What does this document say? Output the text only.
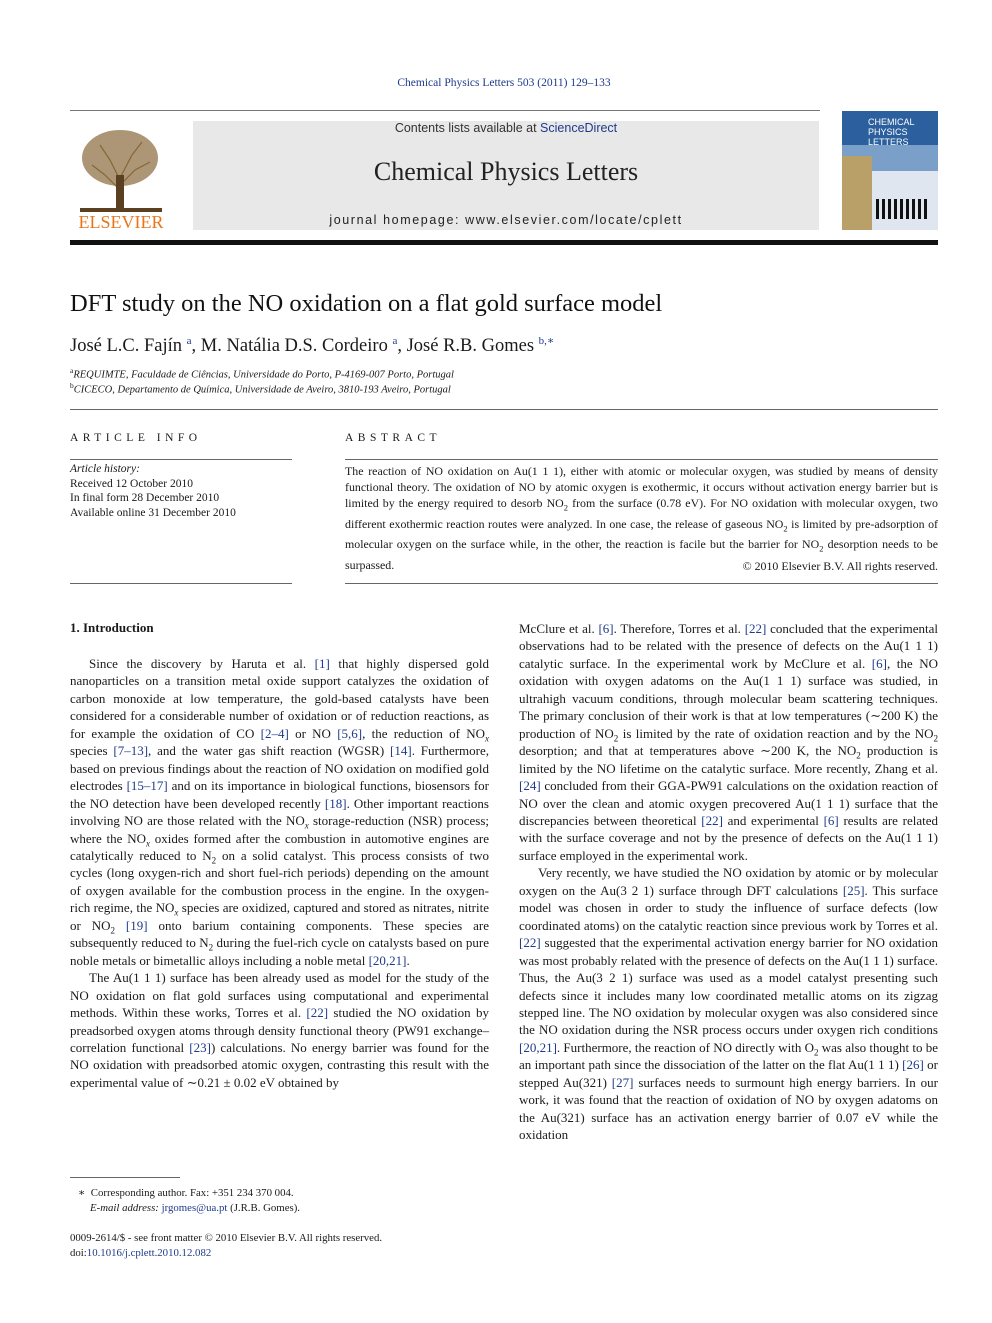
Chemical Physics Letters 503 (2011) 129–133
ELSEVIER
Contents lists available at ScienceDirect
Chemical Physics Letters
journal homepage: www.elsevier.com/locate/cplett
CHEMICAL
PHYSICS
LETTERS
DFT study on the NO oxidation on a flat gold surface model
José L.C. Fajín $^a$, M. Natália D.S. Cordeiro $^a$, José R.B. Gomes $^{b,∗}$
$^a$REQUIMTE, Faculdade de Ciências, Universidade do Porto, P-4169-007 Porto, Portugal
$^b$CICECO, Departamento de Química, Universidade de Aveiro, 3810-193 Aveiro, Portugal
ARTICLE INFO
Article history:
Received 12 October 2010
In final form 28 December 2010
Available online 31 December 2010
ABSTRACT
The reaction of NO oxidation on Au(1 1 1), either with atomic or molecular oxygen, was studied by means of density functional theory. The oxidation of NO by atomic oxygen is exothermic, it occurs without activation energy barrier but is limited by the energy required to desorb $NO_2$ from the surface (0.78 eV). For NO oxidation with molecular oxygen, two different exothermic reaction routes were analyzed. In one case, the release of gaseous $NO_2$ is limited by pre-adsorption of molecular oxygen on the surface while, in the other, the reaction is facile but the barrier for $NO_2$ desorption needs to be surpassed.	© 2010 Elsevier B.V. All rights reserved.
1. Introduction

Since the discovery by Haruta et al. [1] that highly dispersed gold nanoparticles on a transition metal oxide support catalyzes the oxidation of carbon monoxide at low temperature, the gold-based catalysts have been considered for a considerable number of oxidation or of reduction reactions, as for example the oxidation of CO [2–4] or NO [5,6], the reduction of $NO_x$ species [7–13], and the water gas shift reaction (WGSR) [14]. Furthermore, based on previous findings about the reaction of NO oxidation on modified gold electrodes [15–17] and on its importance in biological functions, biosensors for the NO detection have been developed recently [18]. Other important reactions involving NO are those related with the $NO_x$ storage-reduction (NSR) process; where the $NO_x$ oxides formed after the combustion in automotive engines are catalytically reduced to $N_2$ on a solid catalyst. This process consists of two cycles (long oxygen-rich and short fuel-rich periods) depending on the amount of oxygen available for the combustion process in the engine. In the oxygen-rich regime, the $NO_x$ species are oxidized, captured and stored as nitrates, nitrite or $NO_2$ [19] onto barium containing components. These species are subsequently reduced to $N_2$ during the fuel-rich cycle on catalysts based on pure noble metals or bimetallic alloys including a noble metal [20,21].

The Au(1 1 1) surface has been already used as model for the study of the NO oxidation on flat gold surfaces using computational and experimental methods. Within these works, Torres et al. [22] studied the NO oxidation by preadsorbed oxygen atoms through density functional theory (PW91 exchange–correlation functional [23]) calculations. No energy barrier was found for the NO oxidation with preadsorbed atomic oxygen, contrasting this result with the experimental value of ∼0.21 ± 0.02 eV obtained by

McClure et al. [6]. Therefore, Torres et al. [22] concluded that the experimental observations had to be related with the presence of defects on the Au(1 1 1) catalytic surface. In the experimental work by McClure et al. [6], the NO oxidation with oxygen adatoms on the Au(1 1 1) surface was studied, in ultrahigh vacuum conditions, through molecular beam scattering techniques. The primary conclusion of their work is that at low temperatures (∼200 K) the production of $NO_2$ is limited by the rate of oxidation reaction and by the $NO_2$ desorption; and that at temperatures above ∼200 K, the $NO_2$ production is limited by the NO lifetime on the catalytic surface. More recently, Zhang et al. [24] concluded from their GGA-PW91 calculations on the oxidation reaction of NO over the clean and atomic oxygen precovered Au(1 1 1) surface that the discrepancies between theoretical [22] and experimental [6] results are related with the surface coverage and not by the presence of defects on the Au(1 1 1) surface employed in the experimental work.

Very recently, we have studied the NO oxidation by atomic or by molecular oxygen on the Au(3 2 1) surface through DFT calculations [25]. This surface model was chosen in order to study the influence of surface defects (low coordinated atoms) on the catalytic reaction since previous work by Torres et al. [22] suggested that the experimental activation energy barrier for NO oxidation was most probably related with the presence of defects on the Au(1 1 1) surface. Thus, the Au(3 2 1) surface was used as a model catalyst presenting such defects since it includes many low coordinated metallic atoms on its zigzag stepped line. The NO oxidation by molecular oxygen was also considered since the NO oxidation during the NSR process occurs under oxygen rich conditions [20,21]. Furthermore, the reaction of NO directly with $O_2$ was also thought to be an important path since the dissociation of the latter on the flat Au(1 1 1) [26] or stepped Au(321) [27] surfaces needs to surmount high energy barriers. In our work, it was found that the reaction of oxidation of NO by oxygen adatoms on the Au(321) surface has an activation energy barrier of 0.07 eV while the oxidation

∗ Corresponding author. Fax: +351 234 370 004.
E-mail address: jrgomes@ua.pt (J.R.B. Gomes).
0009-2614/$ - see front matter © 2010 Elsevier B.V. All rights reserved.
doi:10.1016/j.cplett.2010.12.082
